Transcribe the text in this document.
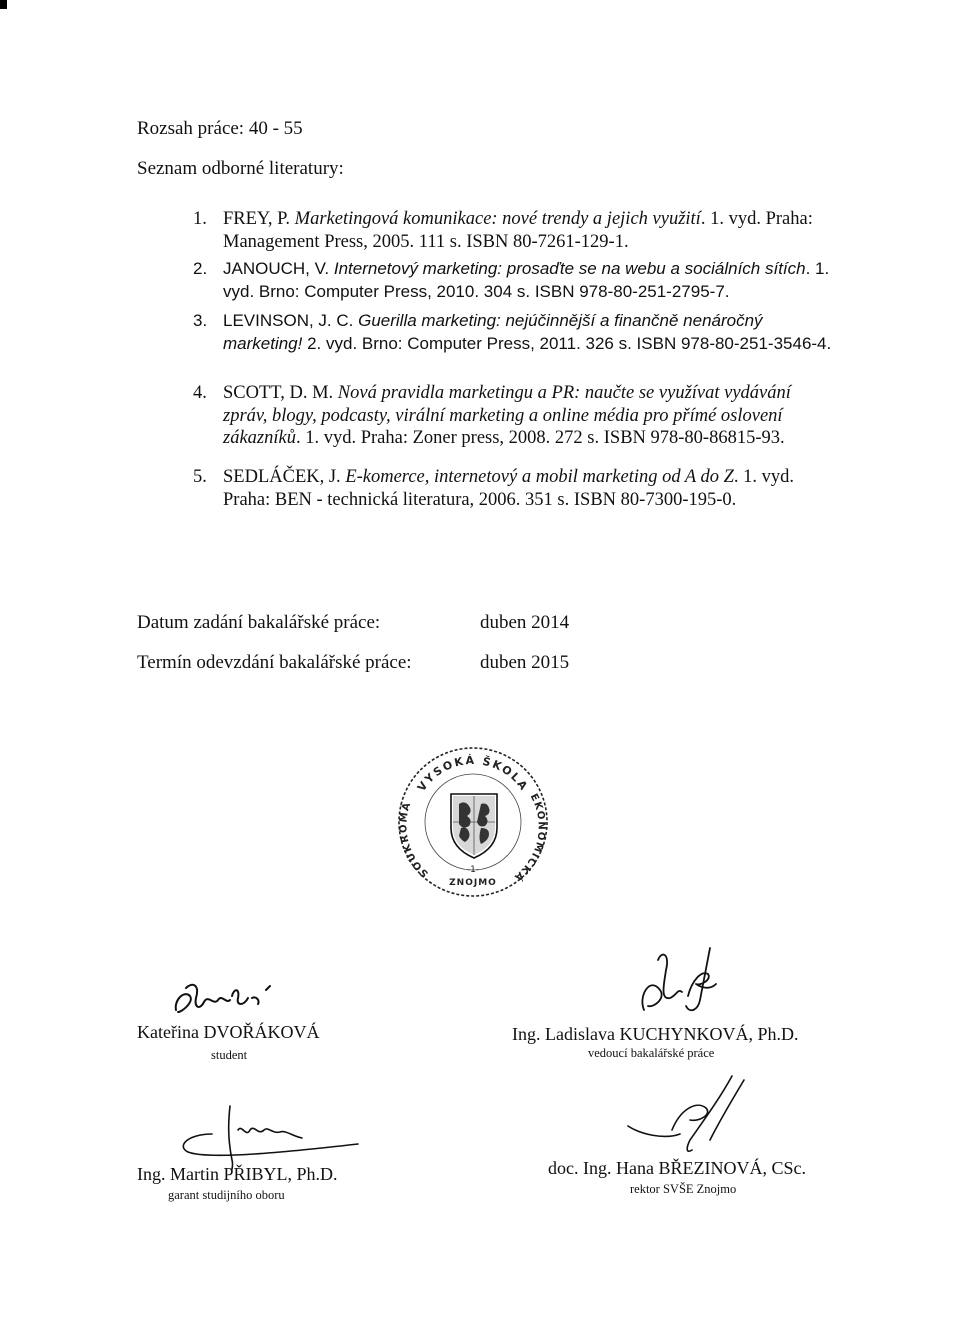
Rozsah práce: 40 - 55
Seznam odborné literatury:
1. FREY, P. Marketingová komunikace: nové trendy a jejich využití. 1. vyd. Praha: Management Press, 2005. 111 s. ISBN 80-7261-129-1.
2. JANOUCH, V. Internetový marketing: prosaďte se na webu a sociálních sítích. 1. vyd. Brno: Computer Press, 2010. 304 s. ISBN 978-80-251-2795-7.
3. LEVINSON, J. C. Guerilla marketing: nejúčinnější a finančně nenáročný marketing! 2. vyd. Brno: Computer Press, 2011. 326 s. ISBN 978-80-251-3546-4.
4. SCOTT, D. M. Nová pravidla marketingu a PR: naučte se využívat vydávání zpráv, blogy, podcasty, virální marketing a online média pro přímé oslovení zákazníků. 1. vyd. Praha: Zoner press, 2008. 272 s. ISBN 978-80-86815-93.
5. SEDLÁČEK, J. E-komerce, internetový a mobil marketing od A do Z. 1. vyd. Praha: BEN - technická literatura, 2006. 351 s. ISBN 80-7300-195-0.
Datum zadání bakalářské práce:	duben 2014
Termín odevzdání bakalářské práce:	duben 2015
VYSOKÁ ŠKOLA
SOUKROMÁ
EKONOMICKÁ
-1-
ZNOJMO
Kateřina DVOŘÁKOVÁ
student
Ing. Ladislava KUCHYNKOVÁ, Ph.D.
vedoucí bakalářské práce
Ing. Martin PŘIBYL, Ph.D.
garant studijního oboru
doc. Ing. Hana BŘEZINOVÁ, CSc.
rektor SVŠE Znojmo
